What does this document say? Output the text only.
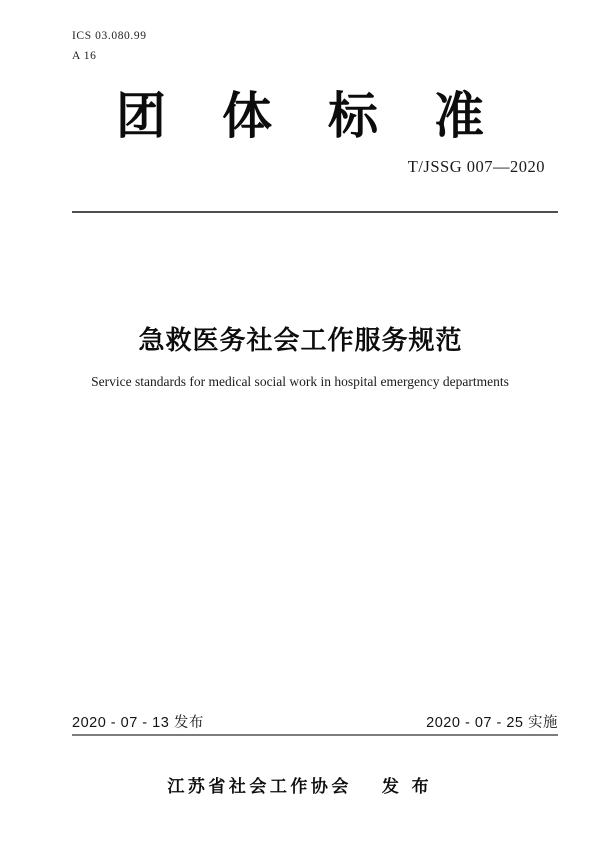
ICS 03.080.99
A 16
团体标准
T/JSSG 007—2020
急救医务社会工作服务规范
Service standards for medical social work in hospital emergency departments
2020 - 07 - 13 发布	2020 - 07 - 25 实施
江苏省社会工作协会 发 布
